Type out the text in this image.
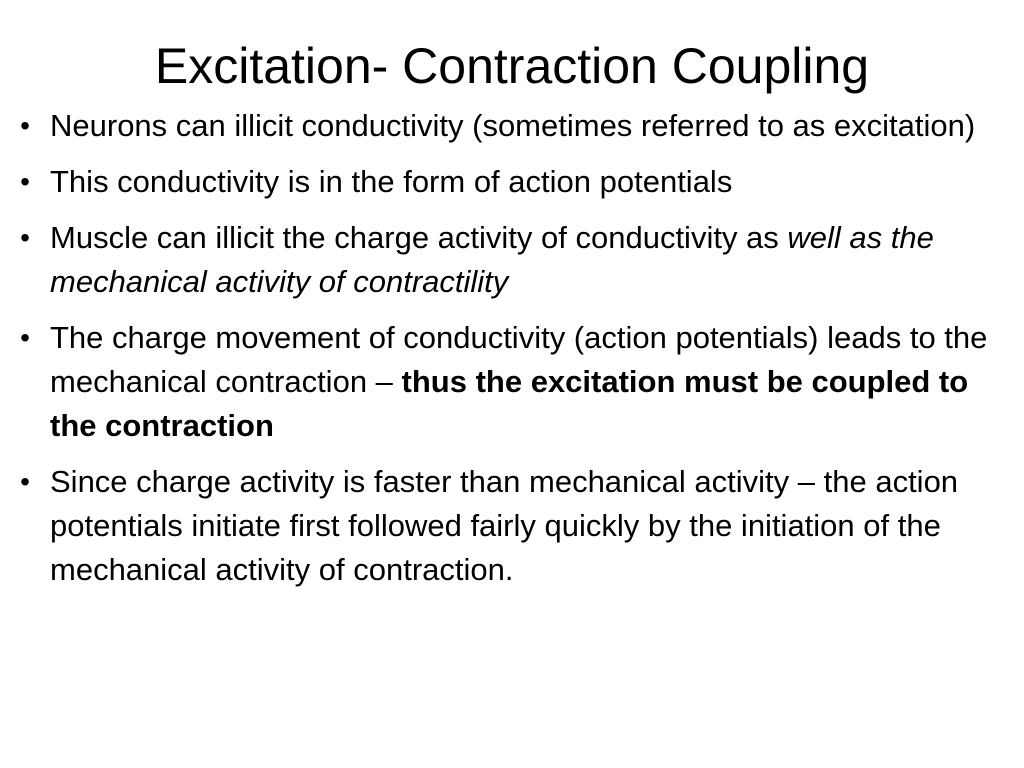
Excitation- Contraction Coupling
• Neurons can illicit conductivity (sometimes referred to as excitation)
• This conductivity is in the form of action potentials
• Muscle can illicit the charge activity of conductivity as well as the mechanical activity of contractility
• The charge movement of conductivity (action potentials) leads to the mechanical contraction – thus the excitation must be coupled to the contraction
• Since charge activity is faster than mechanical activity – the action potentials initiate first followed fairly quickly by the initiation of the mechanical activity of contraction.
